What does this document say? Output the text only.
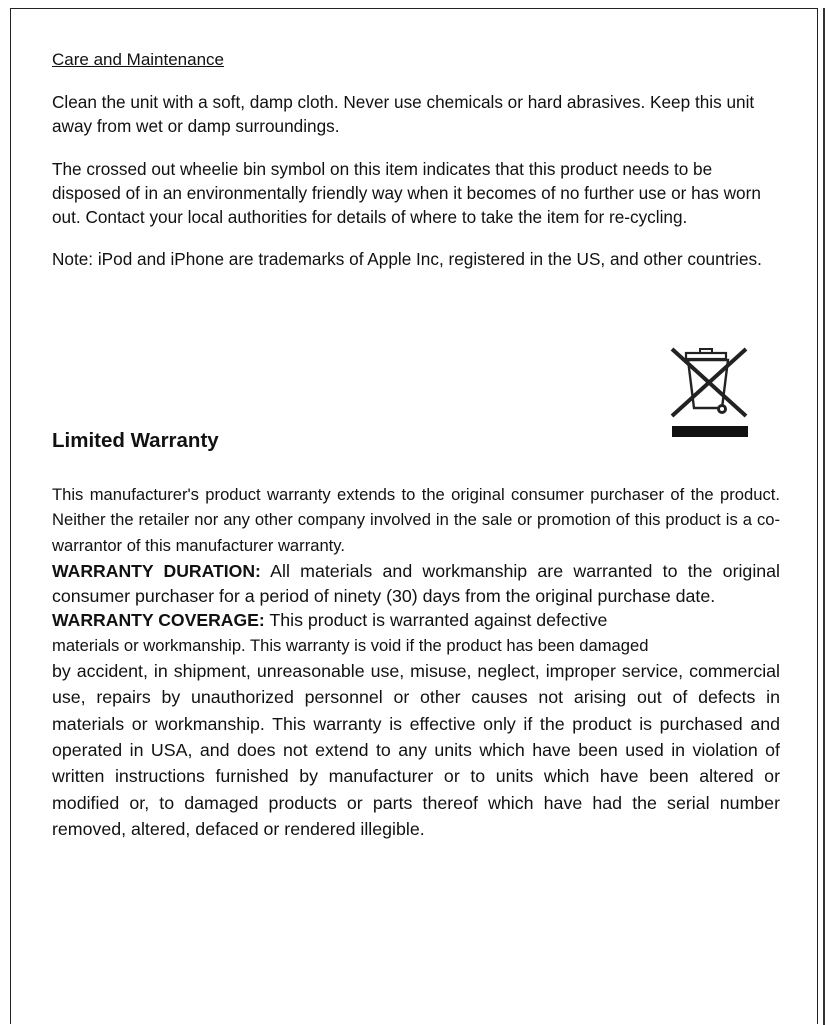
Care and Maintenance

Clean the unit with a soft, damp cloth. Never use chemicals or hard abrasives. Keep this unit away from wet or damp surroundings.

The crossed out wheelie bin symbol on this item indicates that this product needs to be disposed of in an environmentally friendly way when it becomes of no further use or has worn out. Contact your local authorities for details of where to take the item for re-cycling.

Note: iPod and iPhone are trademarks of Apple Inc, registered in the US, and other countries.

Limited Warranty
This manufacturer's product warranty extends to the original consumer purchaser of the product. Neither the retailer nor any other company involved in the sale or promotion of this product is a co-warrantor of this manufacturer warranty.
WARRANTY DURATION: All materials and workmanship are warranted to the original consumer purchaser for a period of ninety (30) days from the original purchase date.
WARRANTY COVERAGE: This product is warranted against defective
materials or workmanship. This warranty is void if the product has been damaged
by accident, in shipment, unreasonable use, misuse, neglect, improper service, commercial use, repairs by unauthorized personnel or other causes not arising out of defects in materials or workmanship. This warranty is effective only if the product is purchased and operated in USA, and does not extend to any units which have been used in violation of written instructions furnished by manufacturer or to units which have been altered or modified or, to damaged products or parts thereof which have had the serial number removed, altered, defaced or rendered illegible.
